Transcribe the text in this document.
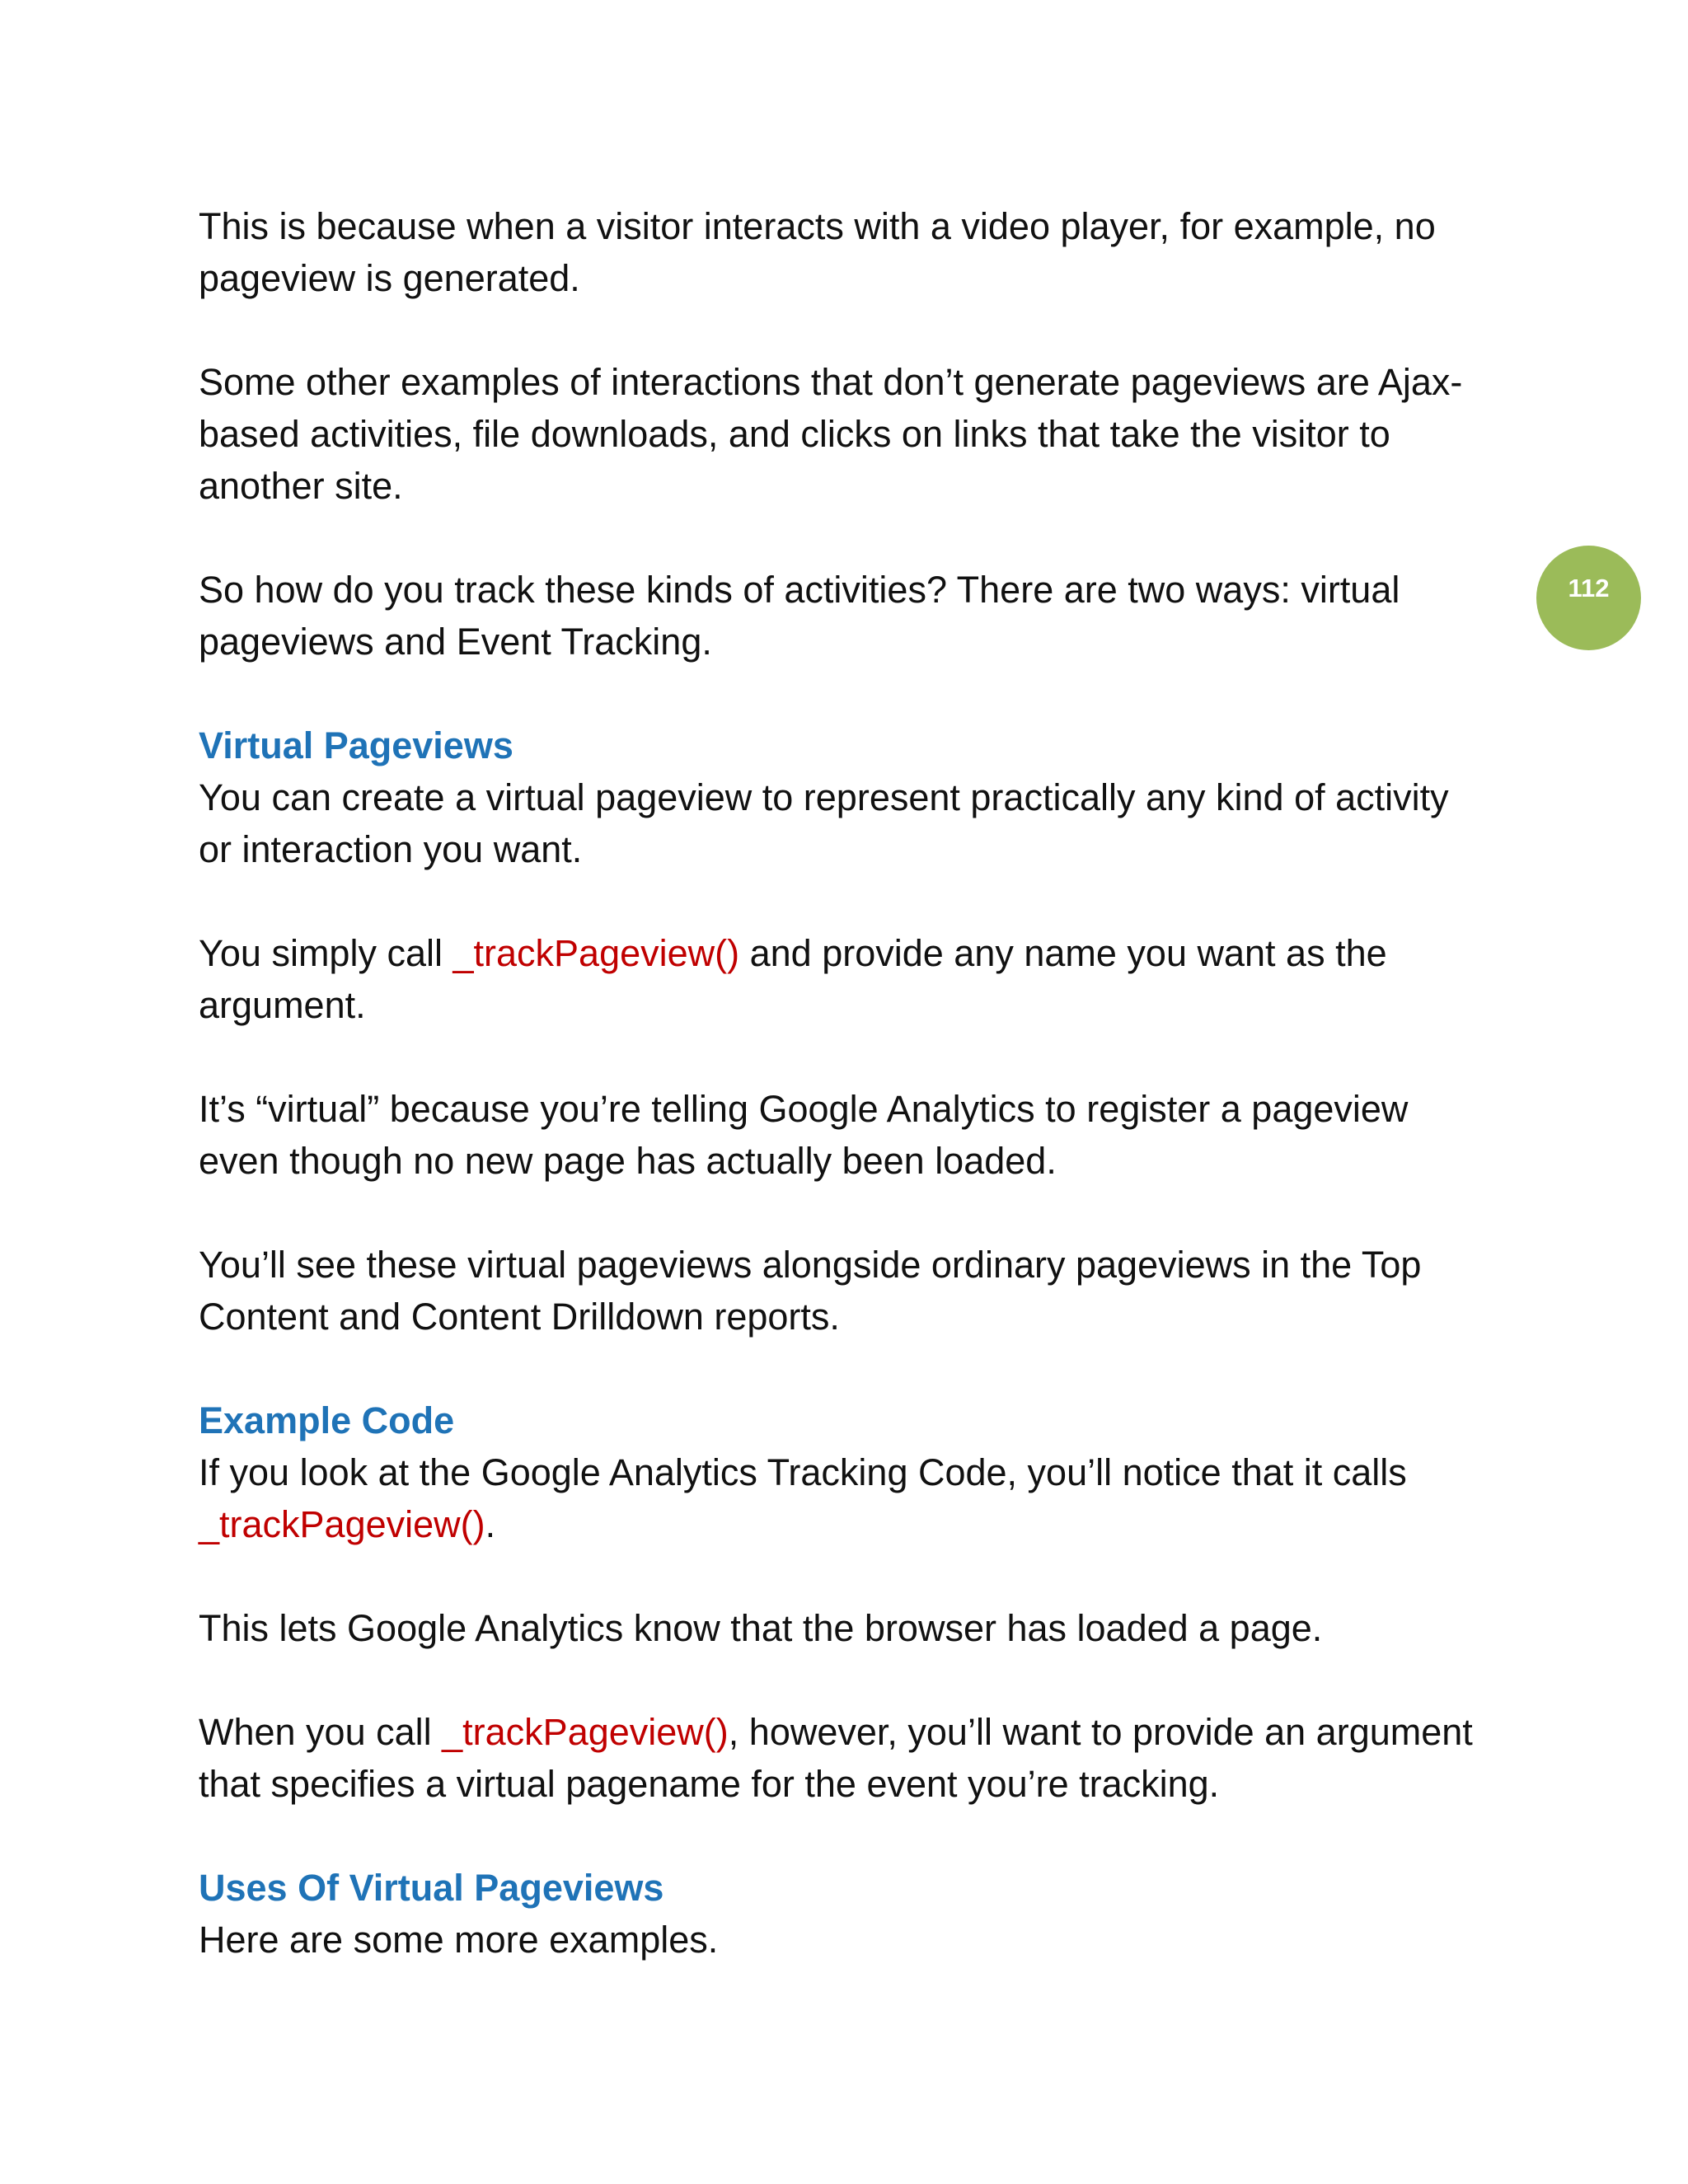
This is because when a visitor interacts with a video player, for example, no pageview is generated.

Some other examples of interactions that don’t generate pageviews are Ajax-based activities, file downloads, and clicks on links that take the visitor to another site.

So how do you track these kinds of activities? There are two ways: virtual pageviews and Event Tracking.

Virtual Pageviews

You can create a virtual pageview to represent practically any kind of activity or interaction you want.

You simply call _trackPageview() and provide any name you want as the argument.

It’s “virtual” because you’re telling Google Analytics to register a pageview even though no new page has actually been loaded.

You’ll see these virtual pageviews alongside ordinary pageviews in the Top Content and Content Drilldown reports.

Example Code

If you look at the Google Analytics Tracking Code, you’ll notice that it calls _trackPageview().

This lets Google Analytics know that the browser has loaded a page.

When you call _trackPageview(), however, you’ll want to provide an argument that specifies a virtual pagename for the event you’re tracking.

Uses Of Virtual Pageviews

Here are some more examples.

112
